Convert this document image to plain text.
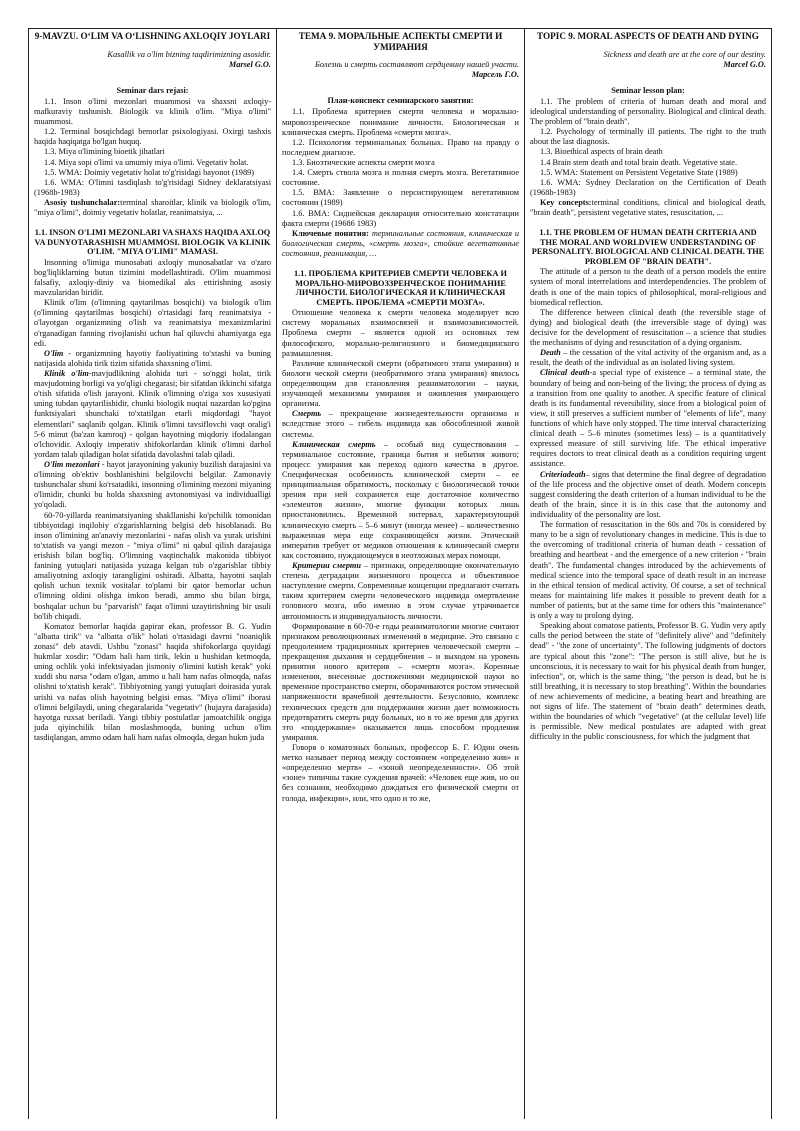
9-MAVZU. O‘LIM VA O‘LISHNING AXLOQIY JOYLARI
Kasallik va o'lim bizning taqdirimizning asosidir.
Marsel G.O.
Seminar dars rejasi:
1.1. Inson o'limi mezonlari muammosi va shaxsni axloqiy-mafkuraviy tushunish. Biologik va klinik o'lim. "Miya o'limi" muammosi.
1.2. Terminal bosqichdagi bemorlar psixologiyasi. Oxirgi tashxis haqida haqiqatga bo'lgan huquq.
1.3. Miya o'limining bioetik jihatlari
1.4. Miya sopi o'limi va umumiy miya o'limi. Vegetativ holat.
1.5. WMA: Doimiy vegetativ holat to'g'risidagi bayonot (1989)
1.6. WMA: O'limni tasdiqlash to'g'risidagi Sidney deklaratsiyasi (1968b-1983)
Asosiy tushunchalar:terminal sharoitlar, klinik va biologik o'lim, "miya o'limi", doimiy vegetativ holatlar, reanimatsiya, ...
1.1. INSON O'LIMI MEZONLARI VA SHAXS HAQIDA AXLOQ VA DUNYOTARASHISH MUAMMOSI. BIOLOGIK VA KLINIK O'LIM. "MIYA O'LIMI" MAMASI.
Insonning o'limiga munosabati axloqiy munosabatlar va o'zaro bog'liqliklarning butun tizimini modellashtiradi. O'lim muammosi falsafiy, axloqiy-diniy va biomedikal aks ettirishning asosiy mavzularidan biridir.
Klinik o'lim (o'limning qaytarilmas bosqichi) va biologik o'lim (o'limning qaytarilmas bosqichi) o'rtasidagi farq reanimatsiya - o'layotgan organizmning o'lish va reanimatsiya mexanizmlarini o'rganadigan fanning rivojlanishi uchun hal qiluvchi ahamiyatga ega edi.
O'lim - organizmning hayotiy faoliyatining to'xtashi va buning natijasida alohida tirik tizim sifatida shaxsning o'limi.
Klinik o'lim-mavjudlikning alohida turi - so'nggi holat, tirik mavjudotning borligi va yo'qligi chegarasi; bir sifatdan ikkinchi sifatga o'tish sifatida o'lish jarayoni. Klinik o'limning o'ziga xos xususiyati uning tubdan qaytarilishidir, chunki biologik nuqtai nazardan ko'pgina funktsiyalari shunchaki to'xtatilgan etarli miqdordagi "hayot elementlari" saqlanib qolgan. Klinik o'limni tavsiflovchi vaqt oralig'i 5-6 minut (ba'zan kamroq) - qolgan hayotning miqdoriy ifodalangan o'lchovidir. Axloqiy imperativ shifokorlardan klinik o'limni darhol yordam talab qiladigan holat sifatida davolashni talab qiladi.
O'lim mezonlari - hayot jarayonining yakuniy buzilish darajasini va o'limning ob'ektiv boshlanishini belgilovchi belgilar. Zamonaviy tushunchalar shuni ko'rsatadiki, insonning o'limining mezoni miyaning o'limidir, chunki bu holda shaxsning avtonomiyasi va individualligi yo'qoladi.
60-70-yillarda reanimatsiyaning shakllanishi ko'pchilik tomonidan tibbiyotdagi inqilobiy o'zgarishlarning belgisi deb hisoblanadi. Bu inson o'limining an'anaviy mezonlarini - nafas olish va yurak urishini to'xtatish va yangi mezon - "miya o'limi" ni qabul qilish darajasiga erishish bilan bog'liq. O'limning vaqtinchalik makonida tibbiyot fanining yutuqlari natijasida yuzaga kelgan tub o'zgarishlar tibbiy amaliyotning axloqiy tarangligini oshiradi. Albatta, hayotni saqlab qolish uchun texnik vositalar to'plami bir qator bemorlar uchun o'limning oldini olishga imkon beradi, ammo shu bilan birga, boshqalar uchun bu "parvarish" faqat o'limni uzaytirishning bir usuli bo'lib chiqadi.
Komatoz bemorlar haqida gapirar ekan, professor B. G. Yudin "albatta tirik" va "albatta o'lik" holati o'rtasidagi davrni "noaniqlik zonasi" deb atavdi. Ushbu "zonasi" haqida shifokorlarga quyidagi hukmlar xosdir: "Odam hali ham tirik, lekin u hushidan ketmoqda, uning ochlik yoki infektsiyadan jismoniy o'limini kutish kerak" yoki xuddi shu narsa "odam o'lgan, ammo u hali ham nafas olmoqda, nafas olishni to'xtatish kerak". Tibbiyotning yangi yutuqlari doirasida yurak urishi va nafas olish hayotning belgisi emas. "Miya o'limi" iborasi o'limni belgilaydi, uning chegaralarida "vegetativ" (hujayra darajasida) hayotga ruxsat beriladi. Yangi tibbiy postulatlar jamoatchilik ongiga juda qiyinchilik bilan moslashmoqda, buning uchun o'lim tasdiqlangan, ammo odam hali ham nafas olmoqda, degan hukm juda
ТЕМА 9. МОРАЛЬНЫЕ АСПЕКТЫ СМЕРТИ И УМИРАНИЯ
Болезнь и смерть составляют сердцевину нашей участи.
Марсель Г.О.
План-конспект семинарского занятия:
1.1. Проблема критериев смерти человека и морально-мировоззренческое понимание личности. Биологическая и клиническая смерть. Проблема «смерти мозга».
1.2. Психология терминальных больных. Право на правду о последнем диагнозе.
1.3. Биоэтические аспекты смерти мозга
1.4. Смерть ствола мозга и полная смерть мозга. Вегетативное состояние.
1.5. ВМА: Заявление о персистирующем вегетативном состоянии (1989)
1.6. ВМА: Сиднейская декларация относительно констатации факта смерти (19686 1983)
Ключевые понятия: терминальные состояния, клиническая и биологическая смерть, «смерть мозга», стойкие вегетативные состояния, реанимация, …
1.1. ПРОБЛЕМА КРИТЕРИЕВ СМЕРТИ ЧЕЛОВЕКА И МОРАЛЬНО-МИРОВОЗЗРЕНЧЕСКОЕ ПОНИМАНИЕ ЛИЧНОСТИ. БИОЛОГИЧЕСКАЯ И КЛИНИЧЕСКАЯ СМЕРТЬ. ПРОБЛЕМА «СМЕРТИ МОЗГА».
Отношение человека к смерти человека моделирует всю систему моральных взаимосвязей и взаимозависимостей. Проблема смерти – является одной из основных тем философского, морально-религиозного и биомедицинского размышления.
Различие клинической смерти (обратимого этапа умирания) и биологи ческой смерти (необратимого этапа умирания) явилось определяющим для становления реаниматологии – науки, изучающей механизмы умирания и оживления умирающего организма.
Смерть – прекращение жизнедеятельности организма и вследствие этого – гибель индивида как обособленной живой системы.
Клиническая смерть – особый вид существования – терминальное состояние, граница бытия и небытия живого; процесс умирания как переход одного качества в другое. Специфическая особенность клинической смерти – ее принципиальная обратимость, поскольку с биологической точки зрения при ней сохраняется еще достаточное количество «элементов жизни», многие функции которых лишь приостановились. Временной интервал, характеризующий клиническую смерть – 5–6 минут (иногда менее) – количественно выраженная мера еще сохраняющейся жизни. Этический императив требует от медиков отношения к клинической смерти как состоянию, нуждающемуся в неотложных мерах помощи.
Критерии смерти – признаки, определяющие окончательную степень деградации жизненного процесса и объективное наступление смерти. Современные концепции предлагают считать таким критерием смерти человеческого индивида омертвление головного мозга, ибо именно в этом случае утрачивается автономность и индивидуальность личности.
Формирование в 60-70-е годы реаниматологии многие считают признаком революционных изменений в медицине. Это связано с преодолением традиционных критериев человеческой смерти – прекращения дыхания и сердцебиения – и выходом на уровень принятия нового критерия – «смерти мозга». Коренные изменения, внесенные достижениями медицинской науки во временное пространство смерти, оборачиваются ростом этической напряженности врачебной деятельности. Безусловно, комплекс технических средств для поддержания жизни дает возможность предотвратить смерть ряду больных, но в то же время для других это «поддержание» оказывается лишь способом продления умирания.
Говоря о коматозных больных, профессор Б. Г. Юдин очень метко называет период между состоянием «определенно жив» и «определенно мертв» – «зоной неопределенности». Об этой «зоне» типичны такие суждения врачей: «Человек еще жив, но он без сознания, необходимо дождаться его физической смерти от голода, инфекции», или, что одно и то же,
TOPIC 9. MORAL ASPECTS OF DEATH AND DYING
Sickness and death are at the core of our destiny.
Marcel G.O.
Seminar lesson plan:
1.1. The problem of criteria of human death and moral and ideological understanding of personality. Biological and clinical death. The problem of "brain death".
1.2. Psychology of terminally ill patients. The right to the truth about the last diagnosis.
1.3. Bioethical aspects of brain death
1.4 Brain stem death and total brain death. Vegetative state.
1.5. WMA: Statement on Persistent Vegetative State (1989)
1.6. WMA: Sydney Declaration on the Certification of Death (1968b-1983)
Key concepts:terminal conditions, clinical and biological death, "brain death", persistent vegetative states, resuscitation, ...
1.1. THE PROBLEM OF HUMAN DEATH CRITERIA AND THE MORAL AND WORLDVIEW UNDERSTANDING OF PERSONALITY. BIOLOGICAL AND CLINICAL DEATH. THE PROBLEM OF "BRAIN DEATH".
The attitude of a person to the death of a person models the entire system of moral interrelations and interdependencies. The problem of death is one of the main topics of philosophical, moral-religious and biomedical reflection.
The difference between clinical death (the reversible stage of dying) and biological death (the irreversible stage of dying) was decisive for the development of resuscitation – a science that studies the mechanisms of dying and resuscitation of a dying organism.
Death – the cessation of the vital activity of the organism and, as a result, the death of the individual as an isolated living system.
Clinical death-a special type of existence – a terminal state, the boundary of being and non-being of the living; the process of dying as a transition from one quality to another. A specific feature of clinical death is its fundamental reversibility, since from a biological point of view, it still preserves a sufficient number of "elements of life", many functions of which have only stopped. The time interval characterizing clinical death – 5–6 minutes (sometimes less) – is a quantitatively expressed measure of still surviving life. The ethical imperative requires doctors to treat clinical death as a condition requiring urgent assistance.
Criteriadeath– signs that determine the final degree of degradation of the life process and the objective onset of death. Modern concepts suggest considering the death criterion of a human individual to be the death of the brain, since it is in this case that the autonomy and individuality of the personality are lost.
The formation of resuscitation in the 60s and 70s is considered by many to be a sign of revolutionary changes in medicine. This is due to the overcoming of traditional criteria of human death - cessation of breathing and heartbeat - and the emergence of a new criterion - "brain death". The fundamental changes introduced by the achievements of medical science into the temporal space of death result in an increase in the ethical tension of medical activity. Of course, a set of technical means for maintaining life makes it possible to prevent death for a number of patients, but at the same time for others this "maintenance" is only a way to prolong dying.
Speaking about comatose patients, Professor B. G. Yudin very aptly calls the period between the state of "definitely alive" and "definitely dead" - "the zone of uncertainty". The following judgments of doctors are typical about this "zone": "The person is still alive, but he is unconscious, it is necessary to wait for his physical death from hunger, infection", or, which is the same thing, "the person is dead, but he is still breathing, it is necessary to stop breathing". Within the boundaries of new achievements of medicine, a beating heart and breathing are not signs of life. The statement of "brain death" determines death, within the boundaries of which "vegetative" (at the cellular level) life is permissible. New medical postulates are adapted with great difficulty in the public consciousness, for which the judgment that
